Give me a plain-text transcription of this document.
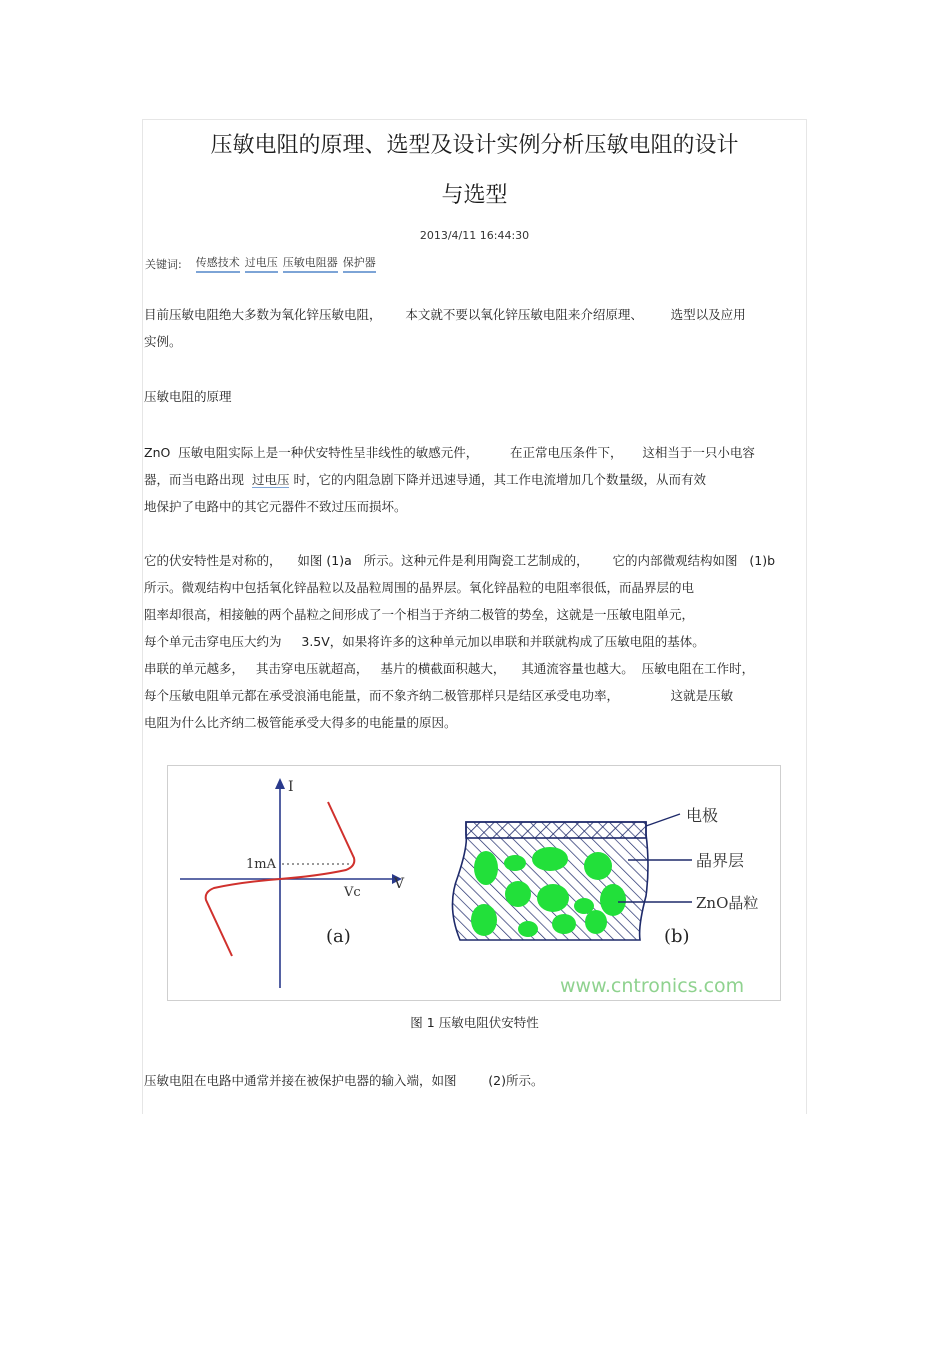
压敏电阻的原理、选型及设计实例分析压敏电阻的设计
与选型
2013/4/11 16:44:30
关键词: 传感技术 过电压 压敏电阻器 保护器

目前压敏电阻绝大多数为氧化锌压敏电阻，      本文就不要以氧化锌压敏电阻来介绍原理、       选型以及应用
实例。

压敏电阻的原理

ZnO  压敏电阻实际上是一种伏安特性呈非线性的敏感元件，        在正常电压条件下，     这相当于一只小电容
器，而当电路出现  过电压 时，它的内阻急剧下降并迅速导通，其工作电流增加几个数量级，从而有效
地保护了电路中的其它元器件不致过压而损坏。

它的伏安特性是对称的，    如图 (1)a   所示。这种元件是利用陶瓷工艺制成的，      它的内部微观结构如图   (1)b
所示。微观结构中包括氧化锌晶粒以及晶粒周围的晶界层。氧化锌晶粒的电阻率很低，而晶界层的电
阻率却很高，相接触的两个晶粒之间形成了一个相当于齐纳二极管的势垒，这就是一压敏电阻单元，
每个单元击穿电压大约为     3.5V，如果将许多的这种单元加以串联和并联就构成了压敏电阻的基体。
串联的单元越多，   其击穿电压就超高，   基片的横截面积越大，    其通流容量也越大。  压敏电阻在工作时，
每个压敏电阻单元都在承受浪涌电能量，而不象齐纳二极管那样只是结区承受电功率，             这就是压敏
电阻为什么比齐纳二极管能承受大得多的电能量的原因。

I
V
1mA
Vc
(a)
电极
晶界层
ZnO晶粒
(b)
www.cntronics.com
图 1 压敏电阻伏安特性

压敏电阻在电路中通常并接在被保护电器的输入端，如图        (2)所示。
